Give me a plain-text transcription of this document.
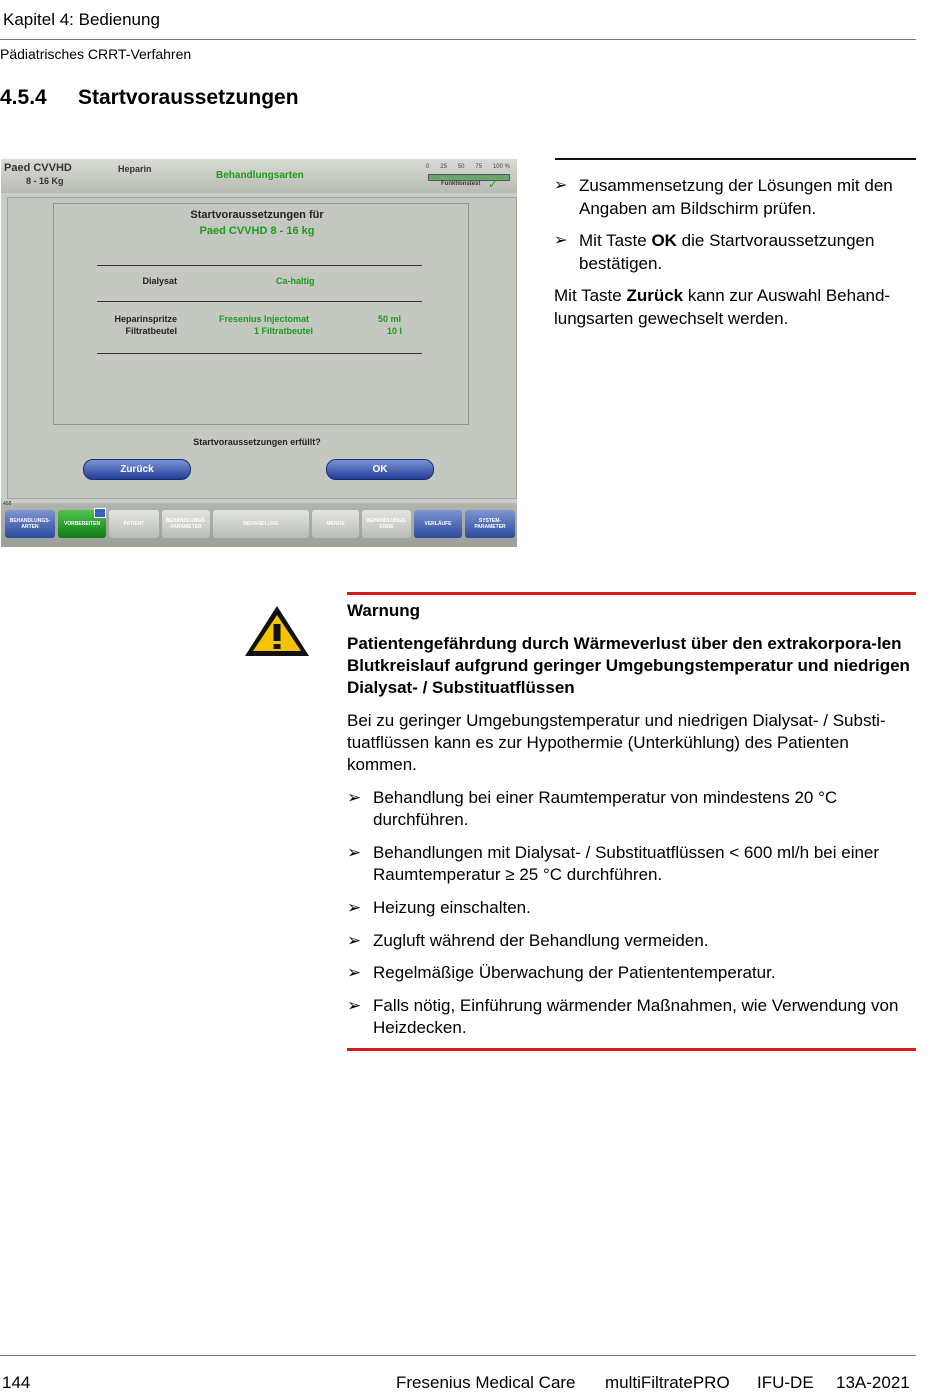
Kapitel 4: Bedienung
Pädiatrisches CRRT-Verfahren
4.5.4 Startvoraussetzungen
Paed CVVHD
8 - 16 Kg
Heparin
Behandlungsarten
0 25 50 75 100 %
Funktionstest ✓
Startvoraussetzungen für
Paed CVVHD 8 - 16 kg
Dialysat	Ca-haltig
Heparinspritze	Fresenius Injectomat	50 ml
Filtratbeutel	1 Filtratbeutel	10 l
Startvoraussetzungen erfüllt?
Zurück	OK
458
BEHANDLUNGS-
ARTEN	VORBEREITEN	PATIENT	BEHANDLUNGS-
PARAMETER	BEHANDLUNG	MENÜS	BEHANDLUNGS-
ENDE	VERLÄUFE	SYSTEM-
PARAMETER
➢ Zusammensetzung der Lösungen mit den Angaben am Bildschirm prüfen.
➢ Mit Taste OK die Startvoraussetzungen bestätigen.
Mit Taste Zurück kann zur Auswahl Behand-lungsarten gewechselt werden.
Warnung
Patientengefährdung durch Wärmeverlust über den extrakorpora-len Blutkreislauf aufgrund geringer Umgebungstemperatur und niedrigen Dialysat- / Substituatflüssen
Bei zu geringer Umgebungstemperatur und niedrigen Dialysat- / Substi-tuatflüssen kann es zur Hypothermie (Unterkühlung) des Patienten kommen.
➢ Behandlung bei einer Raumtemperatur von mindestens 20 °C durchführen.
➢ Behandlungen mit Dialysat- / Substituatflüssen < 600 ml/h bei einer Raumtemperatur ≥ 25 °C durchführen.
➢ Heizung einschalten.
➢ Zugluft während der Behandlung vermeiden.
➢ Regelmäßige Überwachung der Patiententemperatur.
➢ Falls nötig, Einführung wärmender Maßnahmen, wie Verwendung von Heizdecken.
144	Fresenius Medical Care multiFiltratePRO IFU-DE 13A-2021
